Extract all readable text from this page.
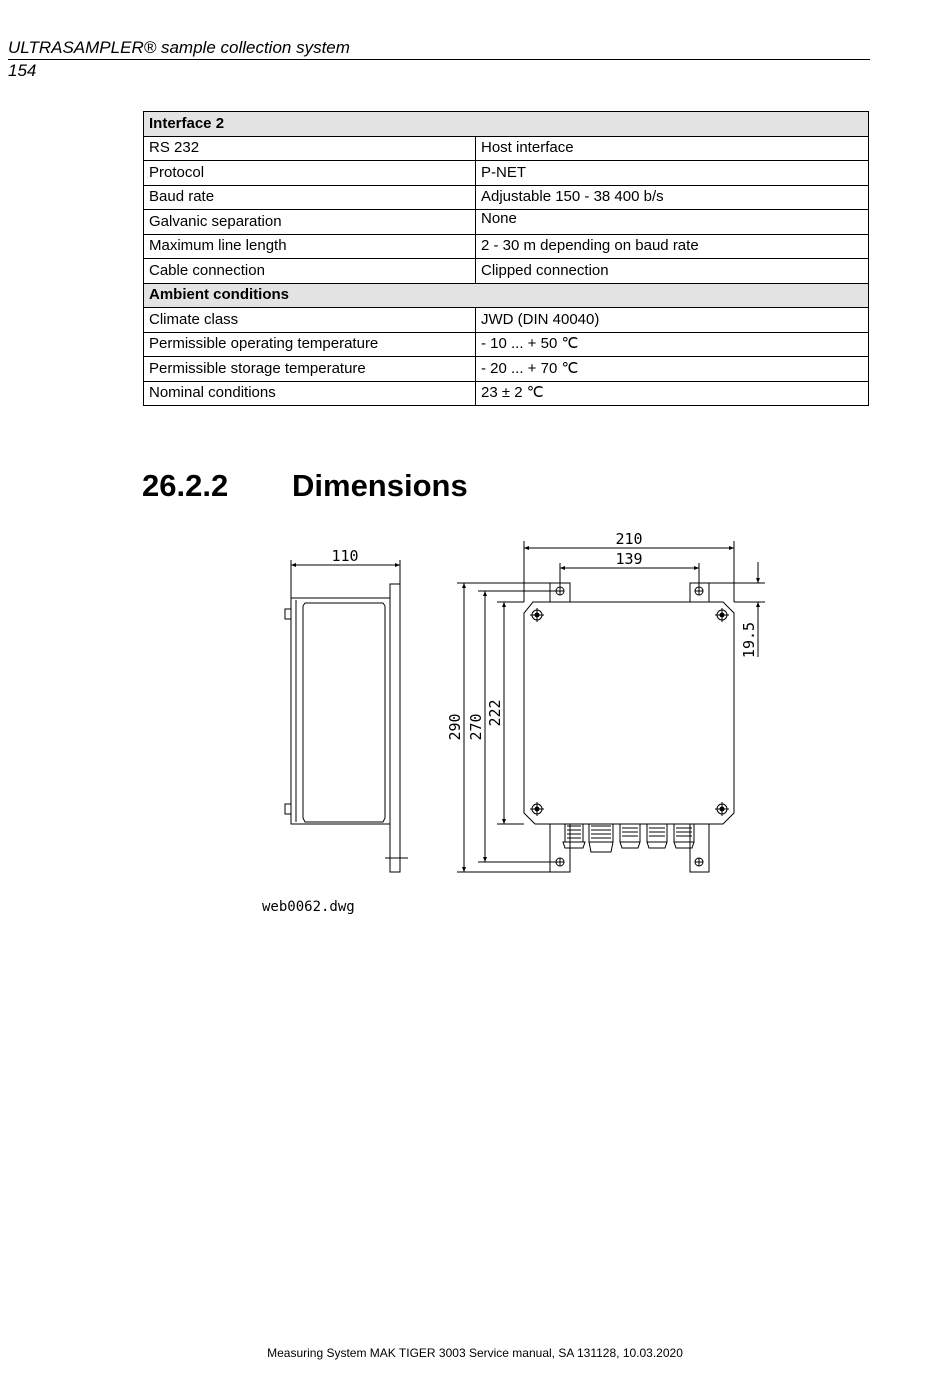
ULTRASAMPLER® sample collection system
154
Interface 2	
RS 232	Host interface
Protocol	P-NET
Baud rate	Adjustable 150 - 38 400 b/s
Galvanic separation	None
Maximum line length	2 - 30 m depending on baud rate
Cable connection	Clipped connection
Ambient conditions	
Climate class	JWD (DIN 40040)
Permissible operating temperature	- 10 ... + 50 ℃
Permissible storage temperature	- 20 ... + 70 ℃
Nominal conditions	23 ± 2 ℃
26.2.2 Dimensions
110
210
139
19.5
290 270
222
web0062.dwg
Measuring System MAK TIGER 3003 Service manual, SA 131128, 10.03.2020
